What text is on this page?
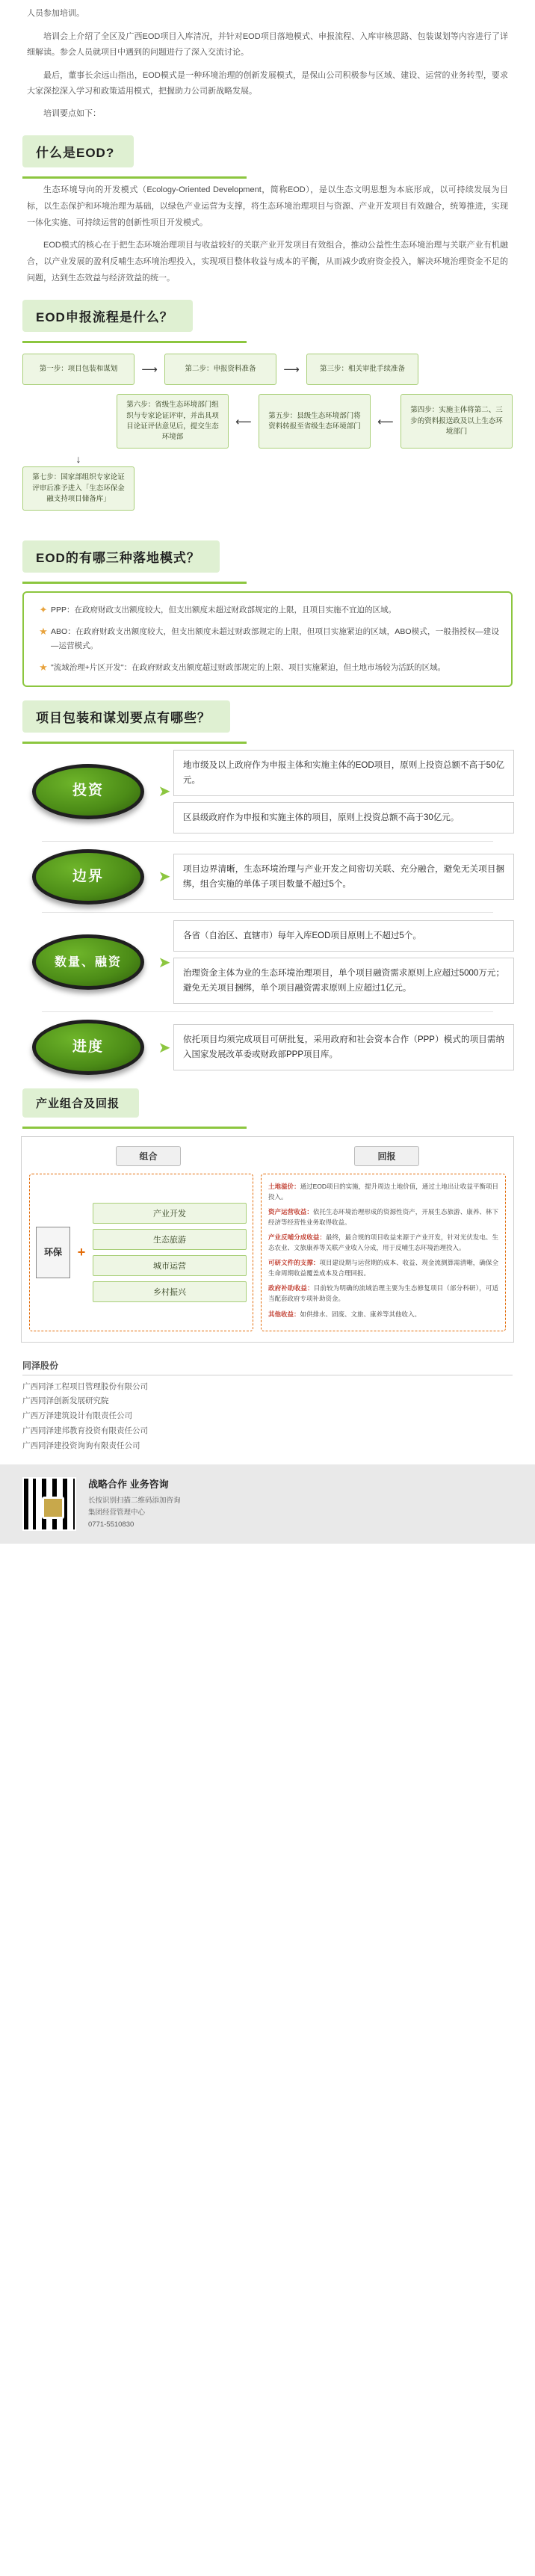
人员参加培训。

培训会上介绍了全区及广西EOD项目入库清况，并针对EOD项目落地模式、申报流程、入库审核思路、包装谋划等内容进行了详细解读。参会人员就项目中遇到的问题进行了深入交流讨论。

最后，董事长余远山指出，EOD模式是一种环境治理的创新发展模式，是保山公司积极参与区域、建设、运营的业务转型，要求大家深挖深入学习和政策适用模式，把握助力公司新战略发展。

培训要点如下：

什么是EOD?

生态环境导向的开发模式（Ecology-Oriented Development，简称EOD），是以生态文明思想为本底形成，以可持续发展为目标，以生态保护和环境治理为基础，以绿色产业运营为支撑，将生态环境治理项目与资源、产业开发项目有效融合，统筹推进，实现一体化实施、可持续运营的创新性项目开发模式。

EOD模式的核心在于把生态环境治理项目与收益较好的关联产业开发项目有效组合，推动公益性生态环境治理与关联产业有机融合，以产业发展的盈利反哺生态环境治理投入，实现项目整体收益与成本的平衡，从而减少政府资金投入，解决环境治理资金不足的问题，达到生态效益与经济效益的统一。

EOD申报流程是什么？
第一步：项目包装和谋划	⟶	第二步：申报资料准备	⟶	第三步：相关审批手续准备
第四步：实施主体将第二、三步的资料报送政及以上生态环境部门
⟵
第五步：县级生态环境部门将资料转报至省级生态环境部门
⟵
第六步：省级生态环境部门组织与专家论证评审，并出具项目论证评估意见后，提交生态环境部
↓
第七步：国家部组织专家论证评审后准予进入「生态环保金融支持项目储备库」
EOD的有哪三种落地模式？
✦ PPP：在政府财政支出额度较大，但支出额度未超过财政部规定的上限，且项目实施不宜迫的区域。
★ ABO：在政府财政支出额度较大，但支出额度未超过财政部规定的上限，但项目实施紧迫的区域，ABO模式，一般指授权—建设—运营模式。
★ "流域治理+片区开发"：在政府财政支出额度超过财政部规定的上限、项目实施紧迫，但土地市场较为活跃的区域。
项目包装和谋划要点有哪些？
投资	➤
地市级及以上政府作为申报主体和实施主体的EOD项目，原则上投资总额不高于50亿元。
区县级政府作为申报和实施主体的项目，原则上投资总额不高于30亿元。
边界	➤	项目边界清晰，生态环境治理与产业开发之间密切关联、充分融合，避免无关项目捆绑，组合实施的单体子项目数量不超过5个。
数量、融资	➤
各省（自治区、直辖市）每年入库EOD项目原则上不超过5个。
治理资金主体为业的生态环境治理项目，单个项目融资需求原则上应超过5000万元；避免无关项目捆绑，单个项目融资需求原则上应超过1亿元。
进度	➤	依托项目均须完成项目可研批复，采用政府和社会资本合作（PPP）模式的项目需纳入国家发展改革委或财政部PPP项目库。
产业组合及回报
组合	回报
环保	+
产业开发
生态旅游
城市运营
乡村振兴

土地溢价：通过EOD项目的实施，提升周边土地价值，通过土地出让收益平衡项目投入。

资产运营收益：依托生态环境治理形成的资源性资产，开展生态旅游、康养、林下经济等经营性业务取得收益。

产业反哺分成收益：最终，最合规的项目收益来源于产业开发，针对光伏发电、生态农业、文旅康养等关联产业收入分成，用于反哺生态环境治理投入。

可研文件的支撑：项目建设期与运营期的成本、收益、现金流测算需清晰，确保全生命周期收益覆盖成本及合理回报。

政府补助收益：目前较为明确的流域治理主要为生态修复项目（部分科研），可适当配套政府专项补助资金。

其他收益：如供排水、固废、文旅、康养等其他收入。

同泽股份
广西同泽工程项目管理股份有限公司
广西同泽创新发展研究院
广西万泽建筑设计有限责任公司
广西同泽建邦教育投资有限责任公司
广西同泽建投资询询有限责任公司
战略合作 业务咨询
长按识别扫描二维码添加咨询
集团经营管理中心
0771-5510830
